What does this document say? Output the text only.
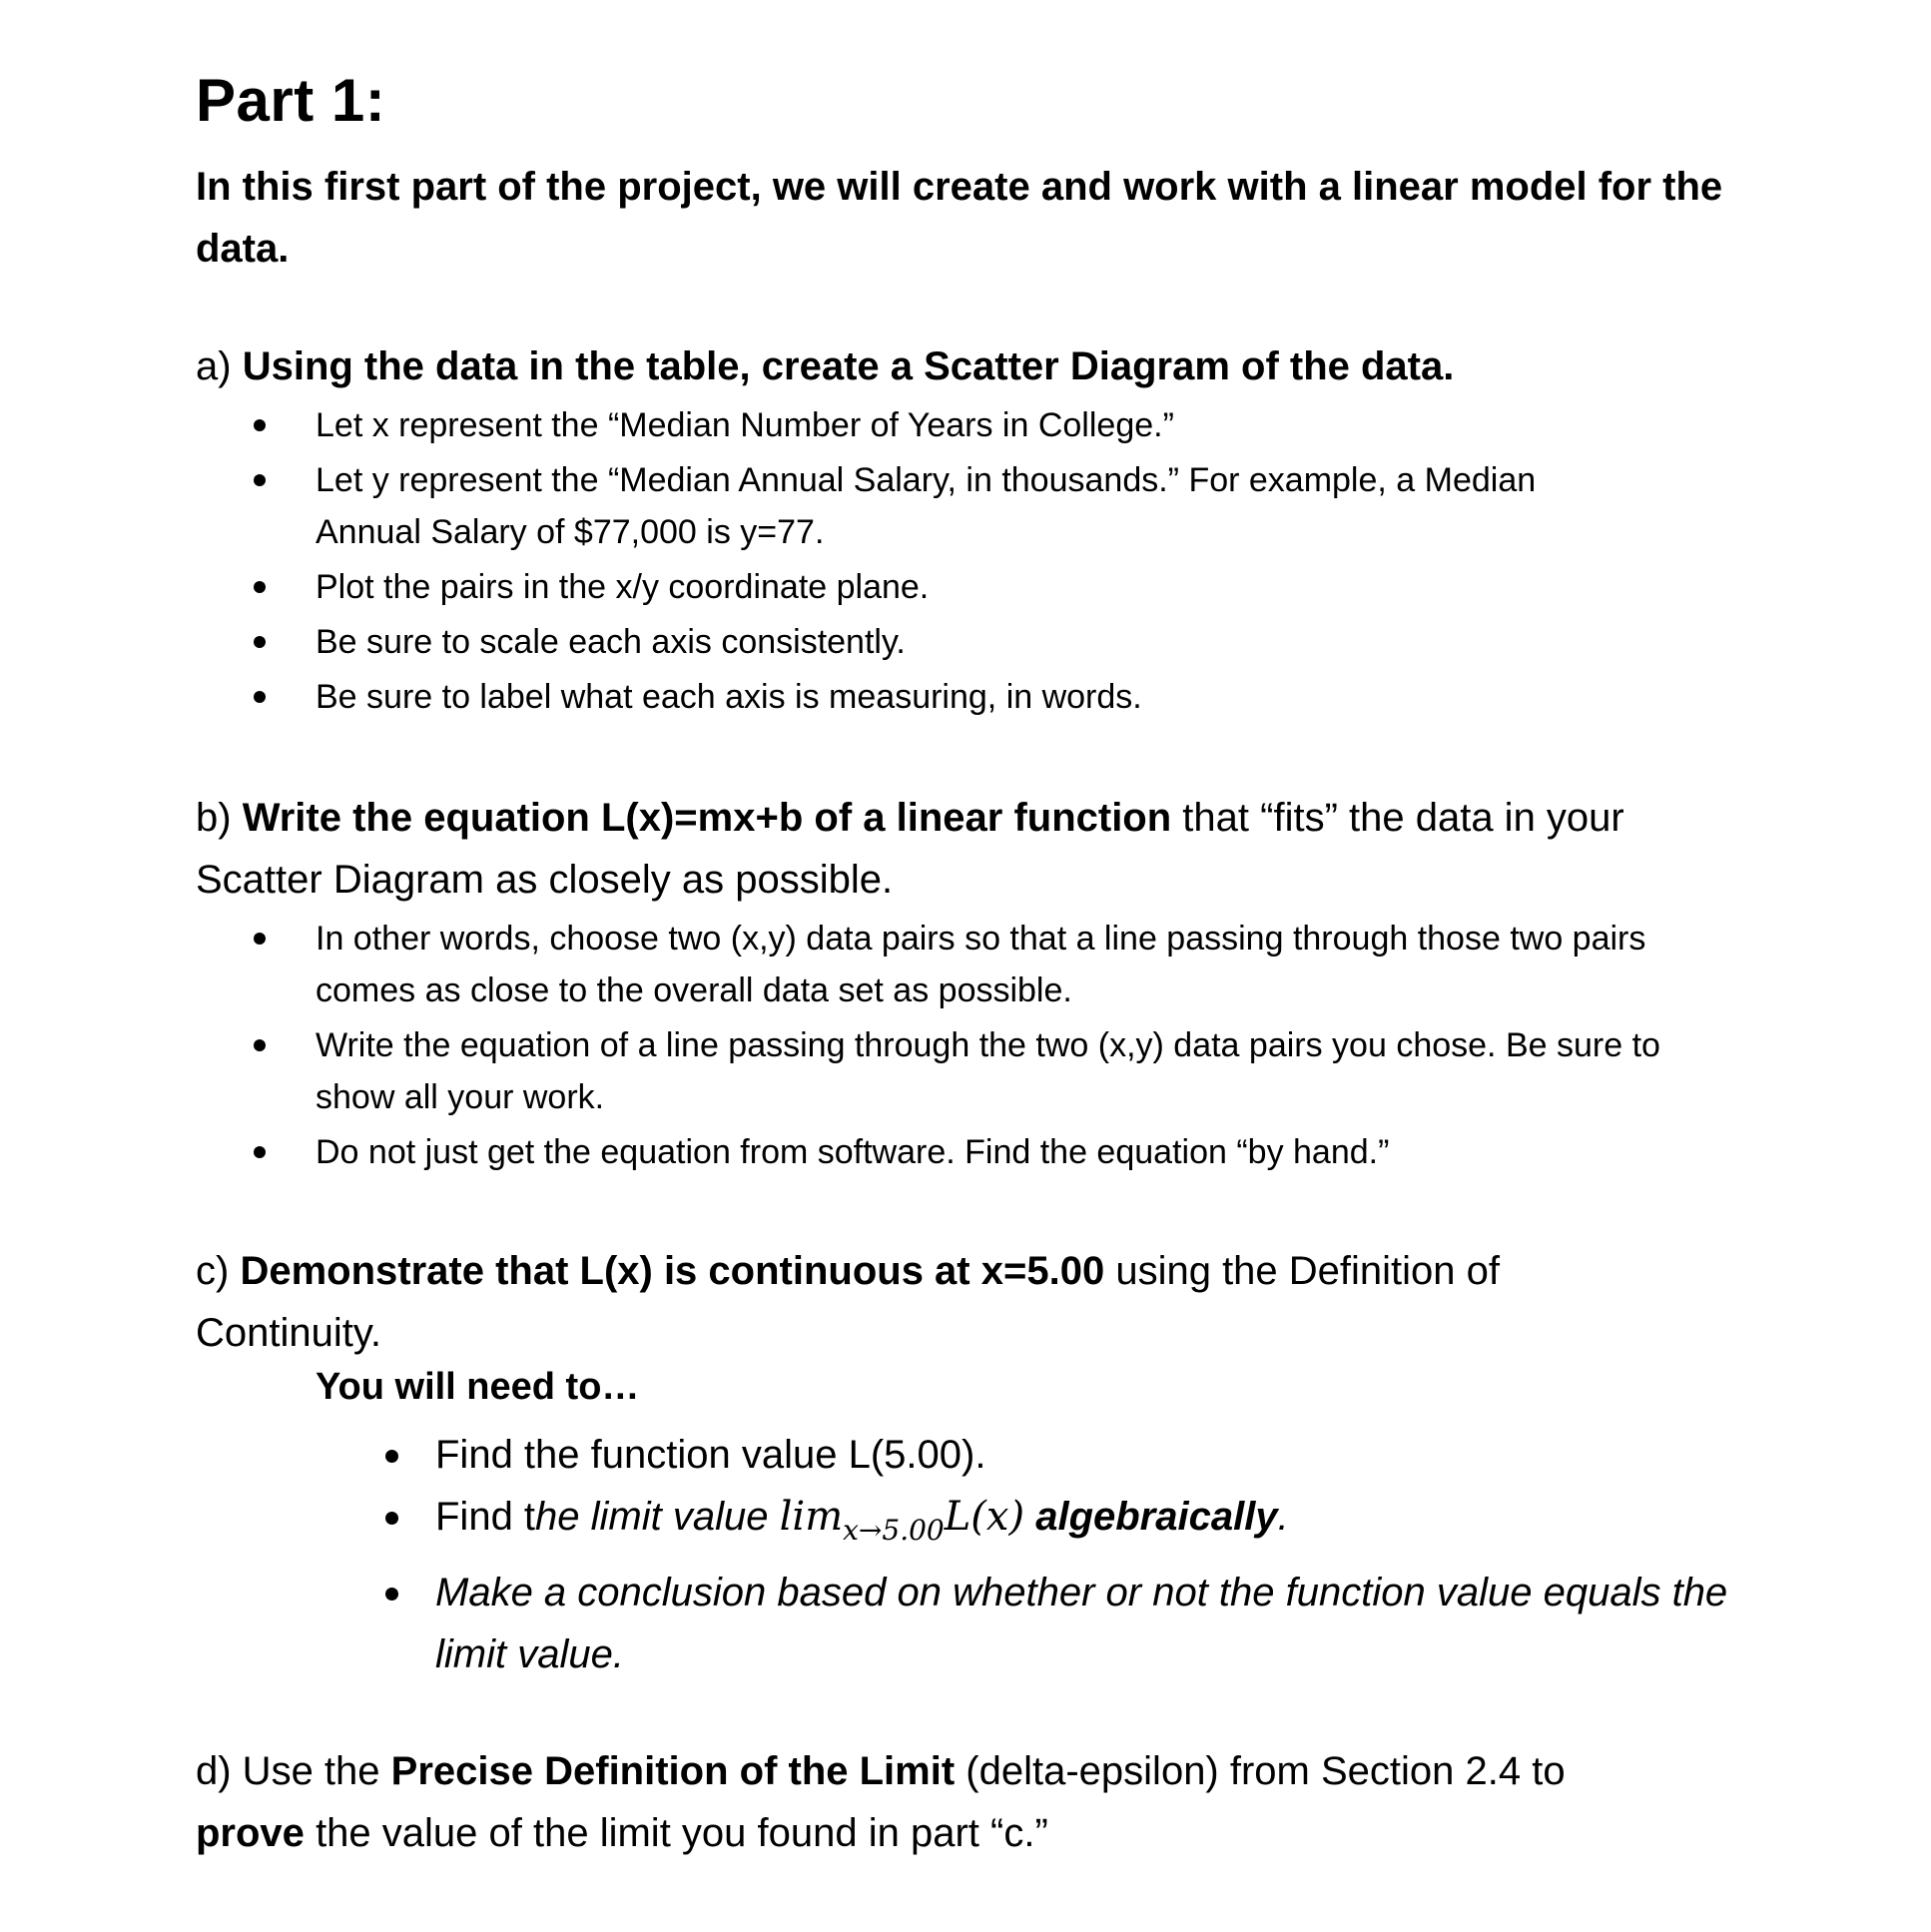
Part 1:
In this first part of the project, we will create and work with a linear model for the data.
a) Using the data in the table, create a Scatter Diagram of the data.
Let x represent the “Median Number of Years in College.”
Let y represent the “Median Annual Salary, in thousands.” For example, a Median Annual Salary of $77,000 is y=77.
Plot the pairs in the x/y coordinate plane.
Be sure to scale each axis consistently.
Be sure to label what each axis is measuring, in words.
b) Write the equation L(x)=mx+b of a linear function that “fits” the data in your Scatter Diagram as closely as possible.
In other words, choose two (x,y) data pairs so that a line passing through those two pairs comes as close to the overall data set as possible.
Write the equation of a line passing through the two (x,y) data pairs you chose. Be sure to show all your work.
Do not just get the equation from software. Find the equation “by hand.”
c) Demonstrate that L(x) is continuous at x=5.00 using the Definition of Continuity.
You will need to…
Find the function value L(5.00).
Find the limit value $\lim_{x\to 5.00}L(x)$ algebraically.
Make a conclusion based on whether or not the function value equals the limit value.
d) Use the Precise Definition of the Limit (delta-epsilon) from Section 2.4 to prove the value of the limit you found in part “c.”
